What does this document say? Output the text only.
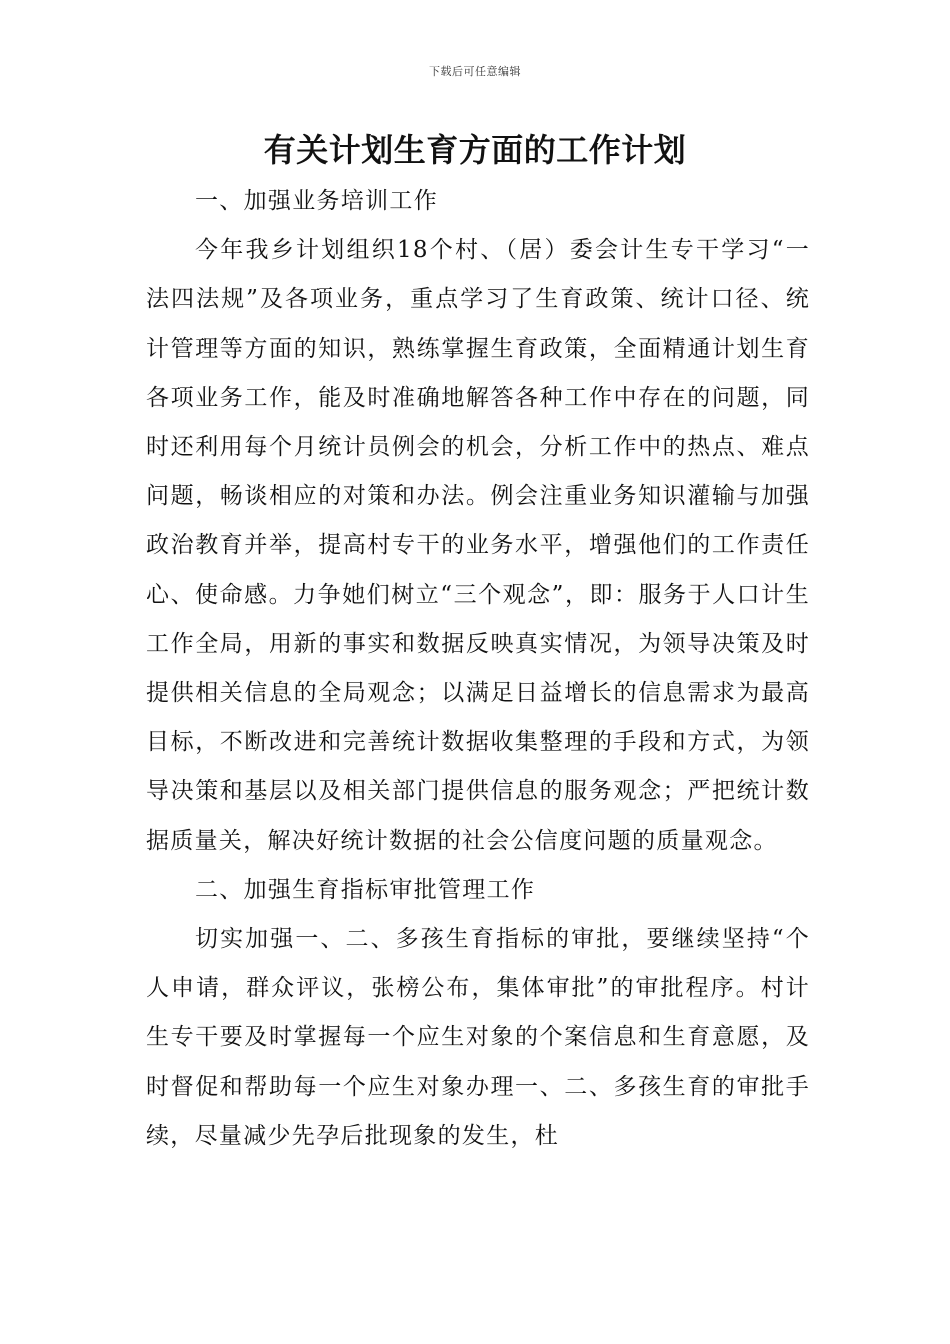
下载后可任意编辑
有关计划生育方面的工作计划
一、加强业务培训工作

今年我乡计划组织18个村、（居）委会计生专干学习“一法四法规”及各项业务，重点学习了生育政策、统计口径、统计管理等方面的知识，熟练掌握生育政策，全面精通计划生育各项业务工作，能及时准确地解答各种工作中存在的问题，同时还利用每个月统计员例会的机会，分析工作中的热点、难点问题，畅谈相应的对策和办法。例会注重业务知识灌输与加强政治教育并举，提高村专干的业务水平，增强他们的工作责任心、使命感。力争她们树立“三个观念”，即：服务于人口计生工作全局，用新的事实和数据反映真实情况，为领导决策及时提供相关信息的全局观念；以满足日益增长的信息需求为最高目标，不断改进和完善统计数据收集整理的手段和方式，为领导决策和基层以及相关部门提供信息的服务观念；严把统计数据质量关，解决好统计数据的社会公信度问题的质量观念。

二、加强生育指标审批管理工作

切实加强一、二、多孩生育指标的审批，要继续坚持“个人申请，群众评议，张榜公布，集体审批”的审批程序。村计生专干要及时掌握每一个应生对象的个案信息和生育意愿，及时督促和帮助每一个应生对象办理一、二、多孩生育的审批手续，尽量减少先孕后批现象的发生，杜
